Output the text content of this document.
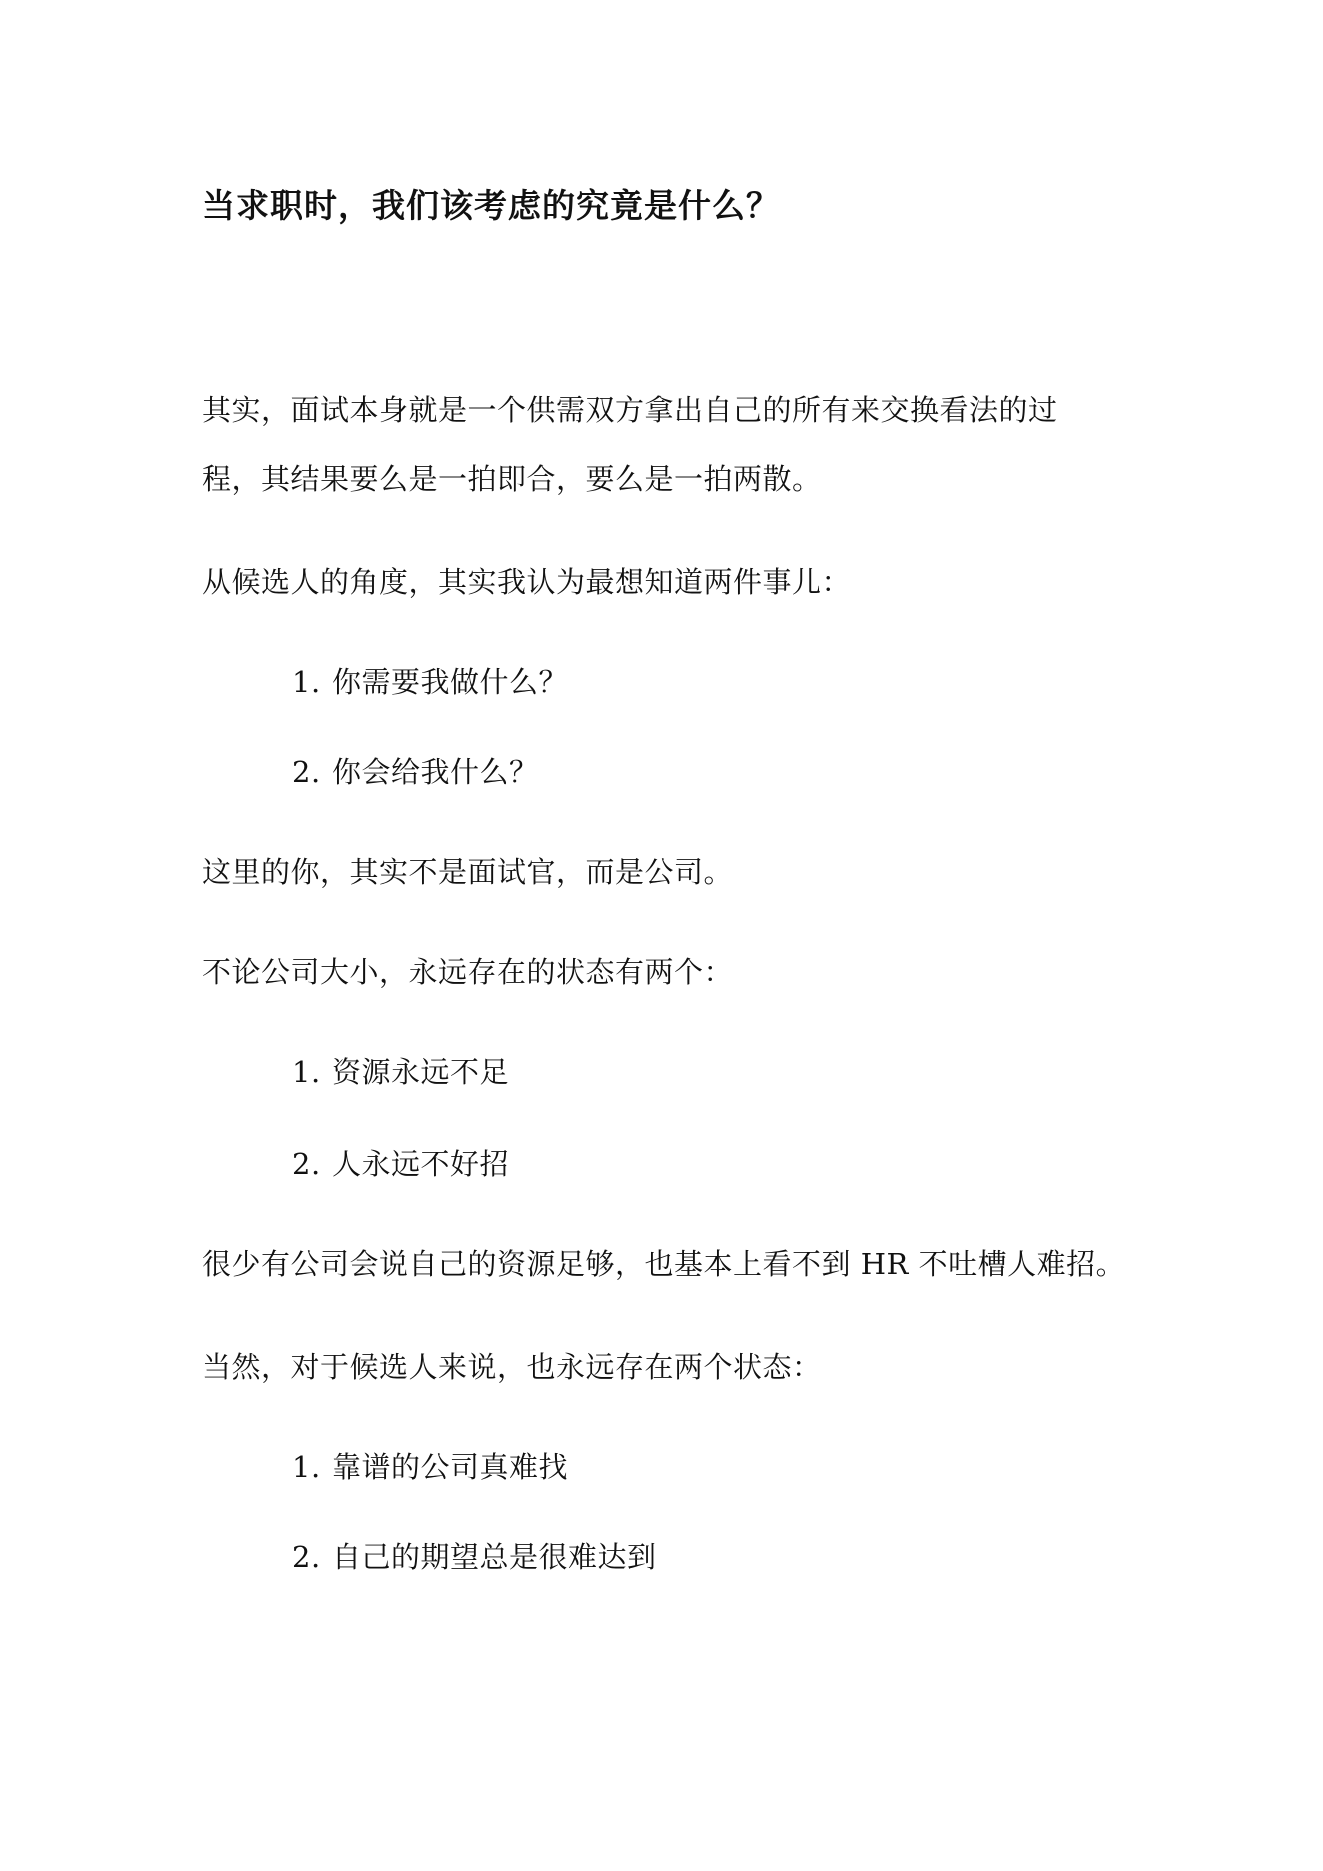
当求职时，我们该考虑的究竟是什么？
其实，面试本身就是一个供需双方拿出自己的所有来交换看法的过
程，其结果要么是一拍即合，要么是一拍两散。
从候选人的角度，其实我认为最想知道两件事儿：
1. 你需要我做什么？
2. 你会给我什么？
这里的你，其实不是面试官，而是公司。
不论公司大小，永远存在的状态有两个：
1. 资源永远不足
2. 人永远不好招
很少有公司会说自己的资源足够，也基本上看不到 HR 不吐槽人难招。
当然，对于候选人来说，也永远存在两个状态：
1. 靠谱的公司真难找
2. 自己的期望总是很难达到
